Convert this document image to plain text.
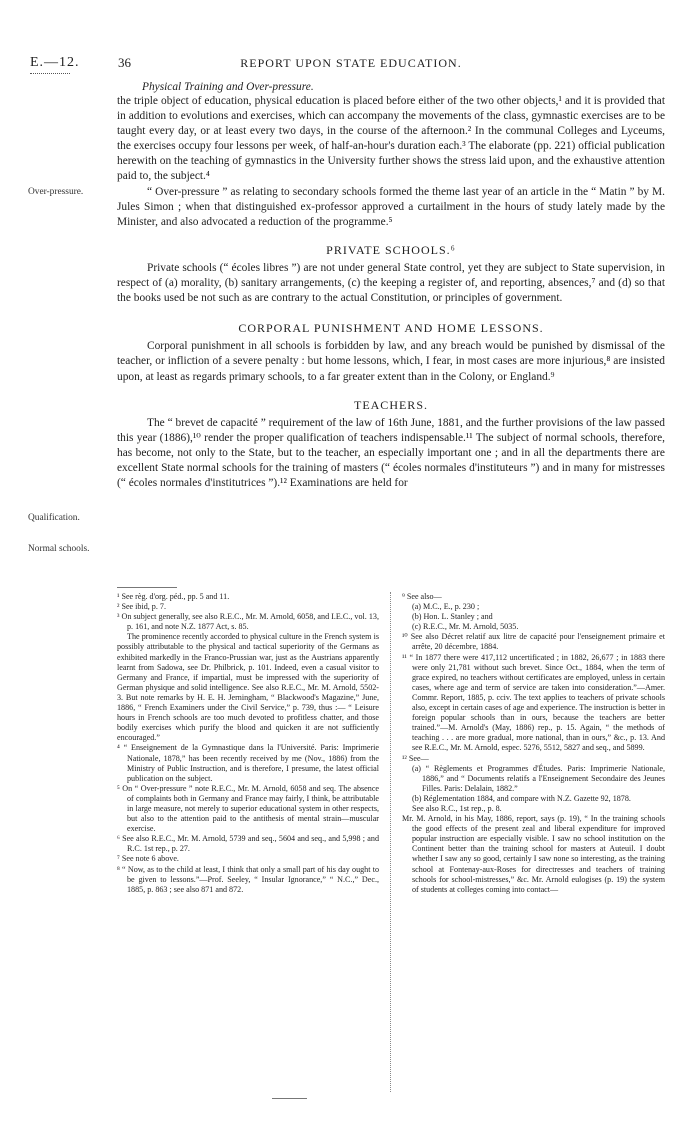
E.—12.	36	REPORT UPON STATE EDUCATION.
Over-pressure.
Qualification.
Normal schools.

Physical Training and Over-pressure.

the triple object of education, physical education is placed before either of the two other objects,¹ and it is provided that in addition to evolutions and exercises, which can accompany the movements of the class, gymnastic exercises are to be taught every day, or at least every two days, in the course of the afternoon.² In the communal Colleges and Lyceums, the exercises occupy four lessons per week, of half-an-hour's duration each.³ The elaborate (pp. 221) official publication herewith on the teaching of gymnastics in the University further shows the stress laid upon, and the exhaustive attention paid to, the subject.⁴

“ Over-pressure ” as relating to secondary schools formed the theme last year of an article in the “ Matin ” by M. Jules Simon ; when that distinguished ex-professor approved a curtailment in the hours of study lately made by the Minister, and also advocated a reduction of the programme.⁵

PRIVATE SCHOOLS.⁶

Private schools (“ écoles libres ”) are not under general State control, yet they are subject to State supervision, in respect of (a) morality, (b) sanitary arrangements, (c) the keeping a register of, and reporting, absences,⁷ and (d) so that the books used be not such as are contrary to the actual Constitution, or principles of government.

CORPORAL PUNISHMENT AND HOME LESSONS.

Corporal punishment in all schools is forbidden by law, and any breach would be punished by dismissal of the teacher, or infliction of a severe penalty : but home lessons, which, I fear, in most cases are more injurious,⁸ are insisted upon, at least as regards primary schools, to a far greater extent than in the Colony, or England.⁹

TEACHERS.

The “ brevet de capacité ” requirement of the law of 16th June, 1881, and the further provisions of the law passed this year (1886),¹⁰ render the proper qualification of teachers indispensable.¹¹ The subject of normal schools, therefore, has become, not only to the State, but to the teacher, an especially important one ; and in all the departments there are excellent State normal schools for the training of masters (“ écoles normales d'instituteurs ”) and in many for mistresses (“ écoles normales d'institutrices ”).¹² Examinations are held for

¹ See règ. d'org. péd., pp. 5 and 11.

² See ibid, p. 7.

³ On subject generally, see also R.E.C., Mr. M. Arnold, 6058, and I.E.C., vol. 13, p. 161, and note N.Z. 1877 Act, s. 85.

The prominence recently accorded to physical culture in the French system is possibly attributable to the physical and tactical superiority of the Germans as exhibited markedly in the Franco-Prussian war, just as the Austrians apparently learnt from Sadowa, see Dr. Philbrick, p. 101. Indeed, even a casual visitor to Germany and France, if impartial, must be impressed with the superiority of German physique and solid intelligence. See also R.E.C., Mr. M. Arnold, 5502-3. But note remarks by H. E. H. Jerningham, “ Blackwood's Magazine,” June, 1886, “ French Examiners under the Civil Service,” p. 739, thus :— “ Leisure hours in French schools are too much devoted to profitless chatter, and those bodily exercises which purify the blood and quicken it are not sufficiently encouraged.”

⁴ “ Enseignement de la Gymnastique dans la l'Université. Paris: Imprimerie Nationale, 1878,” has been recently received by me (Nov., 1886) from the Ministry of Public Instruction, and is therefore, I presume, the latest official publication on the subject.

⁵ On “ Over-pressure ” note R.E.C., Mr. M. Arnold, 6058 and seq. The absence of complaints both in Germany and France may fairly, I think, be attributable in large measure, not merely to superior educational system in other respects, but also to the attention paid to the antithesis of mental strain—muscular exercise.

⁶ See also R.E.C., Mr. M. Arnold, 5739 and seq., 5604 and seq., and 5,998 ; and R.C. 1st rep., p. 27.

⁷ See note 6 above.

⁸ “ Now, as to the child at least, I think that only a small part of his day ought to be given to lessons.”—Prof. Seeley, “ Insular Ignorance,” “ N.C.,” Dec., 1885, p. 863 ; see also 871 and 872.

⁹ See also—

(a) M.C., E., p. 230 ;

(b) Hon. L. Stanley ; and

(c) R.E.C., Mr. M. Arnold, 5035.

¹⁰ See also Décret relatif aux litre de capacité pour l'enseignement primaire et arrête, 20 décembre, 1884.

¹¹ “ In 1877 there were 417,112 uncertificated ; in 1882, 26,677 ; in 1883 there were only 21,781 without such brevet. Since Oct., 1884, when the term of grace expired, no teachers without certificates are employed, unless in certain cases, where age and term of service are taken into consideration.”—Amer. Commr. Report, 1885, p. cciv. The text applies to teachers of private schools also, except in certain cases of age and experience. The instruction is better in foreign popular schools than in ours, because the teachers are better trained.”—M. Arnold's (May, 1886) rep., p. 15. Again, “ the methods of teaching . . . are more gradual, more national, than in ours,” &c., p. 13. And see R.E.C., Mr. M. Arnold, espec. 5276, 5512, 5827 and seq., and 5899.

¹² See—

(a) “ Règlements et Programmes d'Études. Paris: Imprimerie Nationale, 1886,” and “ Documents relatifs a l'Enseignement Secondaire des Jeunes Filles. Paris: Delalain, 1882.”

(b) Réglementation 1884, and compare with N.Z. Gazette 92, 1878.

See also R.C., 1st rep., p. 8.

Mr. M. Arnold, in his May, 1886, report, says (p. 19), “ In the training schools the good effects of the present zeal and liberal expenditure for improved popular instruction are especially visible. I saw no school institution on the Continent better than the training school for masters at Auteuil. I doubt whether I saw any so good, certainly I saw none so interesting, as the training school at Fontenay-aux-Roses for directresses and teachers of training schools for school-mistresses,” &c. Mr. Arnold eulogises (p. 19) the system of students at colleges coming into contact—
